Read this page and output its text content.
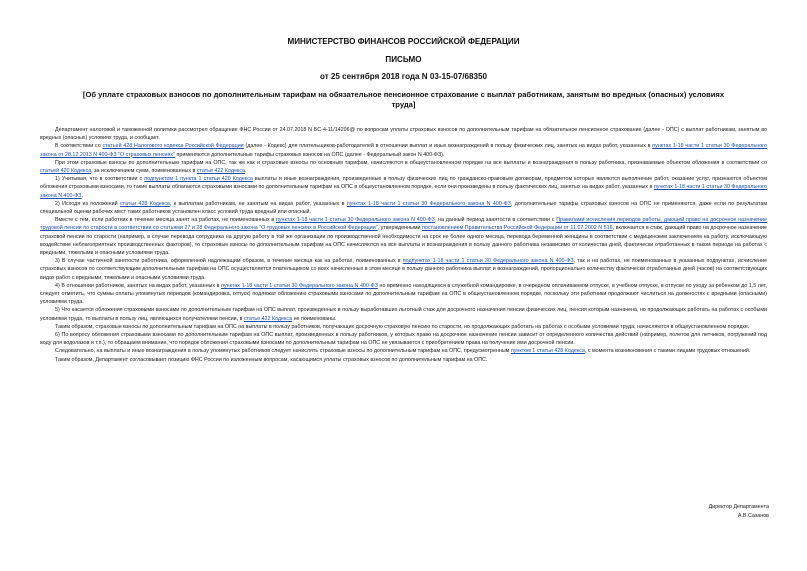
МИНИСТЕРСТВО ФИНАНСОВ РОССИЙСКОЙ ФЕДЕРАЦИИ
ПИСЬМО
от 25 сентября 2018 года N 03-15-07/68350
[Об уплате страховых взносов по дополнительным тарифам на обязательное пенсионное страхование с выплат работникам, занятым во вредных (опасных) условиях труда]

Департамент налоговой и таможенной политики рассмотрел обращение ФНС России от 24.07.2018 N БС-4-11/14206@ по вопросам уплаты страховых взносов по дополнительным тарифам на обязательное пенсионное страхование (далее - ОПС) с выплат работникам, занятым во вредных (опасных) условиях труда, и сообщает.

В соответствии со статьей 428 Налогового кодекса Российской Федерации (далее - Кодекс) для плательщиков-работодателей в отношении выплат и иных вознаграждений в пользу физических лиц, занятых на видах работ, указанных в пунктах 1-18 части 1 статьи 30 Федерального закона от 28.12.2013 N 400-ФЗ "О страховых пенсиях" применяются дополнительные тарифы страховых взносов на ОПС (далее - Федеральный закон N 400-ФЗ).

При этом страховые взносы по дополнительным тарифам на ОПС, так же как и страховые взносы по основным тарифам, начисляются в общеустановленном порядке на все выплаты и вознаграждения в пользу работника, признаваемые объектом обложения в соответствии со статьей 420 Кодекса, за исключением сумм, поименованных в статье 422 Кодекса.

1) Учитывая, что в соответствии с подпунктом 1 пункта 1 статьи 420 Кодекса выплаты и иные вознаграждения, произведенные в пользу физических лиц по гражданско-правовым договорам, предметом которых являются выполнение работ, оказание услуг, признаются объектом обложения страховыми взносами, то такие выплаты облагаются страховыми взносами по дополнительным тарифам на ОПС в общеустановленном порядке, если они произведены в пользу фактических лиц, занятых на видах работ, указанных в пунктах 1-18 части 1 статьи 30 Федерального закона N 400-ФЗ.

2) Исходя из положений статьи 428 Кодекса, к выплатам работникам, не занятым на видах работ, указанных в пунктах 1-18 части 1 статьи 30 Федерального закона N 400-ФЗ, дополнительные тарифы страховых взносов на ОПС не применяются, даже если по результатам специальной оценки рабочих мест таких работников установлен класс условий труда вредный или опасный.

Вместе с тем, если работник в течение месяца занят на работах, не поименованных в пунктах 1-18 части 1 статьи 30 Федерального закона N 400-ФЗ, на данный период занятости в соответствии с Правилами исчисления периодов работы, дающей право на досрочное назначение трудовой пенсии по старости в соответствии со статьями 27 и 28 Федерального закона "О трудовых пенсиях в Российской Федерации", утвержденными постановлением Правительства Российской Федерации от 11.07.2002 N 516, включается в стаж, дающий право на досрочное назначение страховой пенсии по старости (например, в случае перевода сотрудника на другую работу в той же организации по производственной необходимости на срок не более одного месяца, перевода беременной женщины в соответствии с медицинским заключением на работу, исключающую воздействие неблагоприятных производственных факторов), то страховые взносы по дополнительным тарифам на ОПС начисляются на все выплаты и вознаграждения в пользу данного работника независимо от количества дней, фактически отработанных в таком периоде на работах с вредными, тяжелыми и опасными условиями труда.

3) В случае частичной занятости работника, оформленной надлежащим образом, в течение месяца как на работах, поименованных в подпунктах 1-18 части 1 статьи 30 Федерального закона N 400-ФЗ, так и на работах, не поименованных в указанных подпунктах, исчисление страховых взносов по соответствующим дополнительным тарифам на ОПС осуществляется плательщиком со всех начисленных в этом месяце в пользу данного работника выплат и вознаграждений, пропорционально количеству фактически отработанных дней (часов) на соответствующих видах работ с вредными, тяжелыми и опасными условиями труда.

4) В отношении работников, занятых на видах работ, указанных в пунктах 1-18 части 1 статьи 30 Федерального закона N 400-ФЗ но временно находящихся в служебной командировке, в очередном оплачиваемом отпуске, в учебном отпуске, в отпуске по уходу за ребенком до 1,5 лет, следует отметить, что суммы оплаты упомянутых периодов (командировка, отпуск) подлежат обложению страховыми взносами по дополнительным тарифам на ОПС в общеустановленном порядке, поскольку эти работники продолжают числиться на должностях с вредными (опасными) условиями труда.

5) Что касается обложения страховыми взносами по дополнительным тарифам на ОПС выплат, произведенных в пользу выработавших льготный стаж для досрочного назначения пенсии физических лиц, пенсия которым назначена, но продолжающих работать на работах с особыми условиями труда, то выплаты в пользу лиц, являющихся получателями пенсии, в статье 422 Кодекса не поименованы.

Таким образом, страховые взносы по дополнительным тарифам на ОПС на выплаты в пользу работников, получающих досрочную страховую пенсию по старости, но продолжающих работать на работах с особыми условиями труда, начисляются в общеустановленном порядке.

6) По вопросу обложения страховыми взносами по дополнительным тарифам на ОПС выплат, произведенных в пользу работников, у которых право на досрочное назначение пенсии зависит от определенного количества действий (например, полетов для летчиков, погружений под воду для водолазов и т.п.), то обращаем внимание, что порядок обложения страховыми взносами по дополнительным тарифам на ОПС не увязывается с приобретением права на получение ими досрочной пенсии.

Следовательно, на выплаты и иные вознаграждения в пользу упомянутых работников следует начислять страховые взносы по дополнительным тарифам на ОПС, предусмотренным пунктом 1 статьи 428 Кодекса, с момента возникновения с такими лицами трудовых отношений.

Таким образом, Департамент согласовывает позицию ФНС России по изложенным вопросам, касающимся уплаты страховых взносов по дополнительным тарифам на ОПС.

Директор Департамента
А.В.Сазанов
